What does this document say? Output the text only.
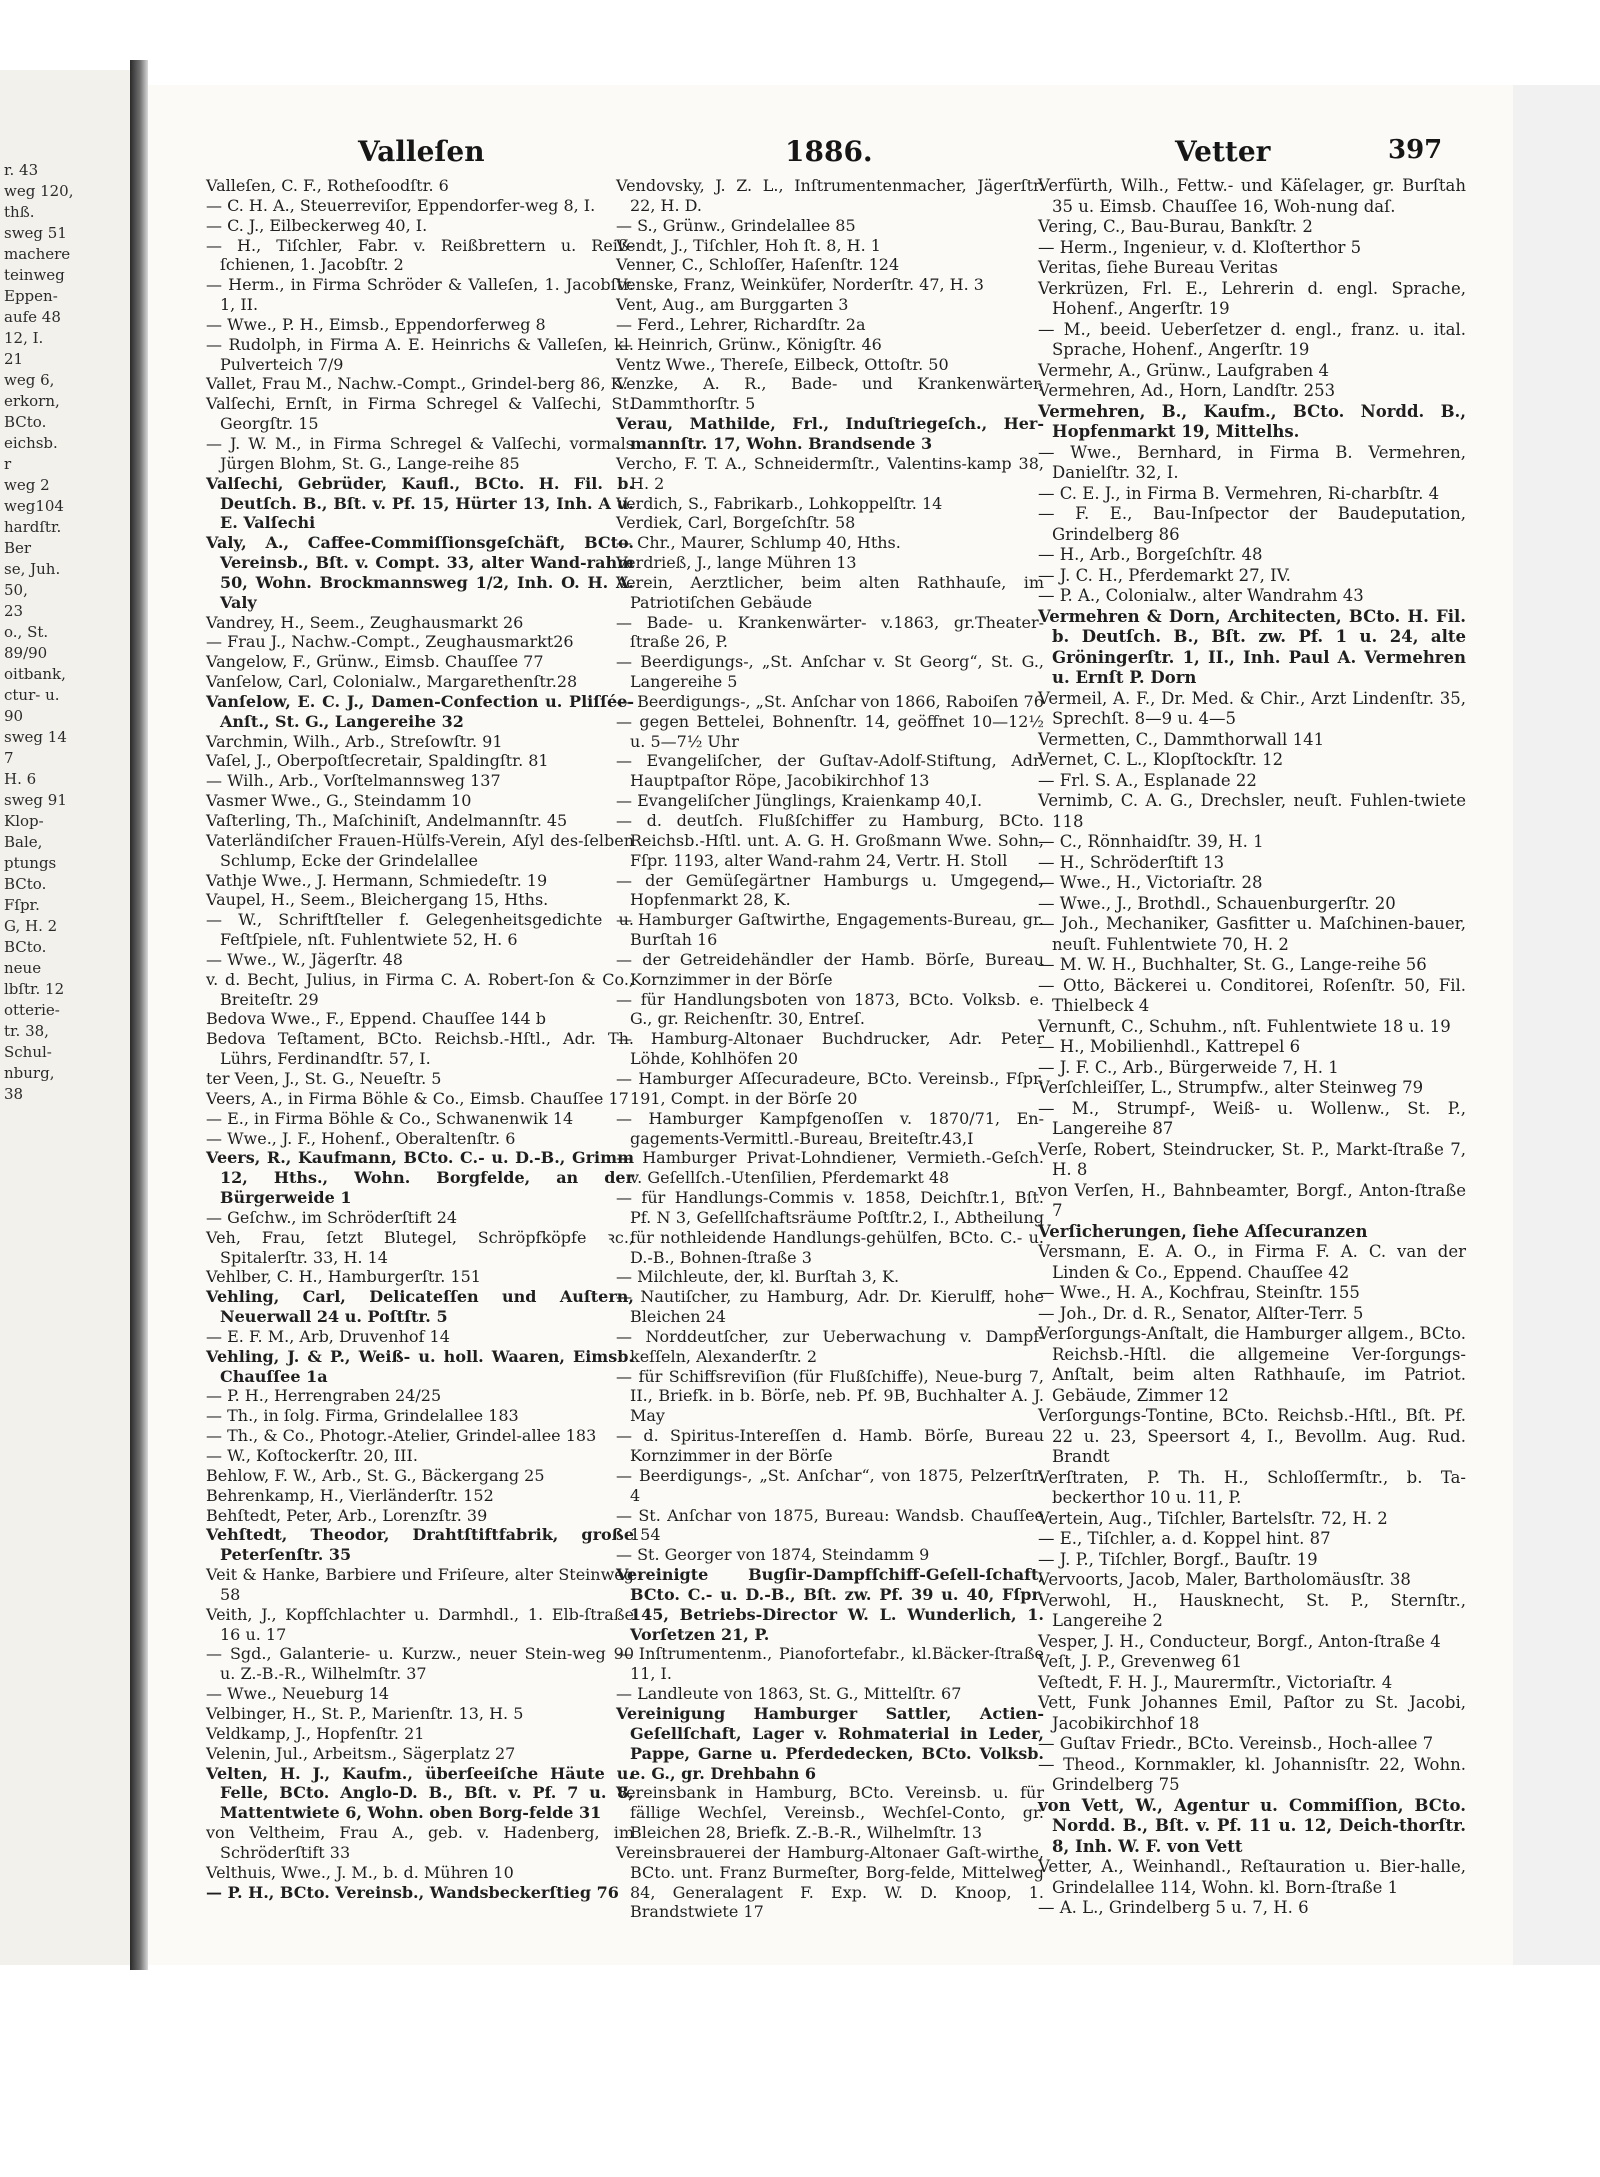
r. 43
weg 120,
thß.
sweg 51
machere
teinweg
Eppen-
aufe 48
12, I.
21
weg 6,
erkorn,
BCto.
eichsb.
r
weg 2
weg104
hardſtr.
Ber
se, Juh.
50,
23
o., St.
89/90
oitbank,
ctur- u.
90
sweg 14
7
H. 6
sweg 91
Klop-
Bale,
ptungs
BCto.
Fſpr.
G, H. 2
BCto.
neue
lbſtr. 12
otterie-
tr. 38,
Schul-
nburg,
38
Valleſen	1886.	Vetter	397
Valleſen, C. F., Rotheſoodſtr. 6
— C. H. A., Steuerreviſor, Eppendorfer-weg 8, I.
— C. J., Eilbeckerweg 40, I.
— H., Tiſchler, Fabr. v. Reißbrettern u. Reiß-ſchienen, 1. Jacobſtr. 2
— Herm., in Firma Schröder & Valleſen, 1. Jacobſtr. 1, II.
— Wwe., P. H., Eimsb., Eppendorferweg 8
— Rudolph, in Firma A. E. Heinrichs & Valleſen, kl. Pulverteich 7/9
Vallet, Frau M., Nachw.-Compt., Grindel-berg 86, K.
Valſechi, Ernſt, in Firma Schregel & Valſechi, St. Georgſtr. 15
— J. W. M., in Firma Schregel & Valſechi, vormals Jürgen Blohm, St. G., Lange-reihe 85
Valſechi, Gebrüder, Kaufl., BCto. H. Fil. b. Deutſch. B., Bſt. v. Pf. 15, Hürter 13, Inh. A u. E. Valſechi
Valy, A., Caffee-Commiſſionsgeſchäft, BCto. Vereinsb., Bſt. v. Compt. 33, alter Wand-rahm 50, Wohn. Brockmannsweg 1/2, Inh. O. H. A. Valy
Vandrey, H., Seem., Zeughausmarkt 26
— Frau J., Nachw.-Compt., Zeughausmarkt26
Vangelow, F., Grünw., Eimsb. Chauſſee 77
Vanſelow, Carl, Colonialw., Margarethenſtr.28
Vanſelow, E. C. J., Damen-Confection u. Pliſſée-Anſt., St. G., Langereihe 32
Varchmin, Wilh., Arb., Streſowſtr. 91
Vaſel, J., Oberpoſtſecretair, Spaldingſtr. 81
— Wilh., Arb., Vorſtelmannsweg 137
Vasmer Wwe., G., Steindamm 10
Vaſterling, Th., Maſchiniſt, Andelmannſtr. 45
Vaterländiſcher Frauen-Hülfs-Verein, Aſyl des-ſelben Schlump, Ecke der Grindelallee
Vathje Wwe., J. Hermann, Schmiedeſtr. 19
Vaupel, H., Seem., Bleichergang 15, Hths.
— W., Schriftſteller f. Gelegenheitsgedichte u. Feſtſpiele, nſt. Fuhlentwiete 52, H. 6
— Wwe., W., Jägerſtr. 48
v. d. Becht, Julius, in Firma C. A. Robert-ſon & Co., Breiteſtr. 29
Bedova Wwe., F., Eppend. Chauſſee 144 b
Bedova Teſtament, BCto. Reichsb.-Hſtl., Adr. Th. Lührs, Ferdinandſtr. 57, I.
ter Veen, J., St. G., Neueſtr. 5
Veers, A., in Firma Böhle & Co., Eimsb. Chauſſee 17
— E., in Firma Böhle & Co., Schwanenwik 14
— Wwe., J. F., Hohenf., Oberaltenſtr. 6
Veers, R., Kaufmann, BCto. C.- u. D.-B., Grimm 12, Hths., Wohn. Borgfelde, an der Bürgerweide 1
— Geſchw., im Schröderſtift 24
Veh, Frau, ſetzt Blutegel, Schröpfköpfe ꝛc., Spitalerſtr. 33, H. 14
Vehlber, C. H., Hamburgerſtr. 151
Vehling, Carl, Delicateſſen und Auſtern, Neuerwall 24 u. Poſtſtr. 5
— E. F. M., Arb, Druvenhof 14
Vehling, J. & P., Weiß- u. holl. Waaren, Eimsb. Chauſſee 1a
— P. H., Herrengraben 24/25
— Th., in ſolg. Firma, Grindelallee 183
— Th., & Co., Photogr.-Atelier, Grindel-allee 183
— W., Koſtockerſtr. 20, III.
Behlow, F. W., Arb., St. G., Bäckergang 25
Behrenkamp, H., Vierländerſtr. 152
Behſtedt, Peter, Arb., Lorenzſtr. 39
Vehſtedt, Theodor, Drahtſtiftfabrik, große Peterſenſtr. 35
Veit & Hanke, Barbiere und Friſeure, alter Steinweg 58
Veith, J., Kopfſchlachter u. Darmhdl., 1. Elb-ſtraße 16 u. 17
— Sgd., Galanterie- u. Kurzw., neuer Stein-weg 90 u. Z.-B.-R., Wilhelmſtr. 37
— Wwe., Neueburg 14
Velbinger, H., St. P., Marienſtr. 13, H. 5
Veldkamp, J., Hopfenſtr. 21
Velenin, Jul., Arbeitsm., Sägerplatz 27
Velten, H. J., Kaufm., überſeeiſche Häute u. Felle, BCto. Anglo-D. B., Bſt. v. Pf. 7 u. 8, Mattentwiete 6, Wohn. oben Borg-felde 31
von Veltheim, Frau A., geb. v. Hadenberg, im Schröderſtift 33
Velthuis, Wwe., J. M., b. d. Mühren 10
— P. H., BCto. Vereinsb., Wandsbeckerſtieg 76
Vendovsky, J. Z. L., Inſtrumentenmacher, Jägerſtr. 22, H. D.
— S., Grünw., Grindelallee 85
Vendt, J., Tiſchler, Hoh ſt. 8, H. 1
Venner, C., Schloſſer, Haſenſtr. 124
Venske, Franz, Weinküfer, Norderſtr. 47, H. 3
Vent, Aug., am Burggarten 3
— Ferd., Lehrer, Richardſtr. 2a
— Heinrich, Grünw., Königſtr. 46
Ventz Wwe., Thereſe, Eilbeck, Ottoſtr. 50
Venzke, A. R., Bade- und Krankenwärter, Dammthorſtr. 5
Verau, Mathilde, Frl., Induſtriegeſch., Her-mannſtr. 17, Wohn. Brandsende 3
Vercho, F. T. A., Schneidermſtr., Valentins-kamp 38, H. 2
Verdich, S., Fabrikarb., Lohkoppelſtr. 14
Verdiek, Carl, Borgeſchſtr. 58
— Chr., Maurer, Schlump 40, Hths.
Verdrieß, J., lange Mühren 13
Verein, Aerztlicher, beim alten Rathhauſe, im Patriotiſchen Gebäude
— Bade- u. Krankenwärter- v.1863, gr.Theater-ſtraße 26, P.
— Beerdigungs-, „St. Anſchar v. St Georg“, St. G., Langereihe 5
— Beerdigungs-, „St. Anſchar von 1866, Raboiſen 76
— gegen Bettelei, Bohnenſtr. 14, geöffnet 10—12½ u. 5—7½ Uhr
— Evangeliſcher, der Guſtav-Adolf-Stiftung, Adr. Hauptpaſtor Röpe, Jacobikirchhof 13
— Evangeliſcher Jünglings, Kraienkamp 40,I.
— d. deutſch. Flußſchiffer zu Hamburg, BCto. Reichsb.-Hſtl. unt. A. G. H. Großmann Wwe. Sohn, Fſpr. 1193, alter Wand-rahm 24, Vertr. H. Stoll
— der Gemüſegärtner Hamburgs u. Umgegend, Hopfenmarkt 28, K.
— Hamburger Gaſtwirthe, Engagements-Bureau, gr. Burſtah 16
— der Getreidehändler der Hamb. Börſe, Bureau Kornzimmer in der Börſe
— für Handlungsboten von 1873, BCto. Volksb. e. G., gr. Reichenſtr. 30, Entreſ.
— Hamburg-Altonaer Buchdrucker, Adr. Peter Löhde, Kohlhöfen 20
— Hamburger Aſſecuradeure, BCto. Vereinsb., Fſpr. 191, Compt. in der Börſe 20
— Hamburger Kampfgenoſſen v. 1870/71, En-gagements-Vermittl.-Bureau, Breiteſtr.43,I
— Hamburger Privat-Lohndiener, Vermieth.-Geſch. v. Geſellſch.-Utenſilien, Pferdemarkt 48
— für Handlungs-Commis v. 1858, Deichſtr.1, Bſt. Pf. N 3, Geſellſchaftsräume Poſtſtr.2, I., Abtheilung für nothleidende Handlungs-gehülfen, BCto. C.- u. D.-B., Bohnen-ſtraße 3
— Milchleute, der, kl. Burſtah 3, K.
— Nautiſcher, zu Hamburg, Adr. Dr. Kierulff, hohe Bleichen 24
— Norddeutſcher, zur Ueberwachung v. Dampf-keſſeln, Alexanderſtr. 2
— für Schiffsreviſion (für Flußſchiffe), Neue-burg 7, II., Briefk. in b. Börſe, neb. Pf. 9B, Buchhalter A. J. May
— d. Spiritus-Intereſſen d. Hamb. Börſe, Bureau Kornzimmer in der Börſe
— Beerdigungs-, „St. Anſchar“, von 1875, Pelzerſtr. 4
— St. Anſchar von 1875, Bureau: Wandsb. Chauſſee 154
— St. Georger von 1874, Steindamm 9
Vereinigte Bugſir-Dampfſchiff-Geſell-ſchaft, BCto. C.- u. D.-B., Bſt. zw. Pf. 39 u. 40, Fſpr. 145, Betriebs-Director W. L. Wunderlich, 1. Vorſetzen 21, P.
— Inſtrumentenm., Pianofortefabr., kl.Bäcker-ſtraße 11, I.
— Landleute von 1863, St. G., Mittelſtr. 67
Vereinigung Hamburger Sattler, Actien-Geſellſchaft, Lager v. Rohmaterial in Leder, Pappe, Garne u. Pferdedecken, BCto. Volksb. e. G., gr. Drehbahn 6
Vereinsbank in Hamburg, BCto. Vereinsb. u. für fällige Wechſel, Vereinsb., Wechſel-Conto, gr. Bleichen 28, Briefk. Z.-B.-R., Wilhelmſtr. 13
Vereinsbrauerei der Hamburg-Altonaer Gaſt-wirthe, BCto. unt. Franz Burmeſter, Borg-felde, Mittelweg 84, Generalagent F. Exp. W. D. Knoop, 1. Brandstwiete 17
Verfürth, Wilh., Fettw.- und Käſelager, gr. Burſtah 35 u. Eimsb. Chauſſee 16, Woh-nung daſ.
Vering, C., Bau-Burau, Bankſtr. 2
— Herm., Ingenieur, v. d. Kloſterthor 5
Veritas, ſiehe Bureau Veritas
Verkrüzen, Frl. E., Lehrerin d. engl. Sprache, Hohenf., Angerſtr. 19
— M., beeid. Ueberſetzer d. engl., franz. u. ital. Sprache, Hohenf., Angerſtr. 19
Vermehr, A., Grünw., Laufgraben 4
Vermehren, Ad., Horn, Landſtr. 253
Vermehren, B., Kaufm., BCto. Nordd. B., Hopfenmarkt 19, Mittelhs.
— Wwe., Bernhard, in Firma B. Vermehren, Danielſtr. 32, I.
— C. E. J., in Firma B. Vermehren, Ri-charbſtr. 4
— F. E., Bau-Inſpector der Baudeputation, Grindelberg 86
— H., Arb., Borgeſchſtr. 48
— J. C. H., Pferdemarkt 27, IV.
— P. A., Colonialw., alter Wandrahm 43
Vermehren & Dorn, Architecten, BCto. H. Fil. b. Deutſch. B., Bſt. zw. Pf. 1 u. 24, alte Gröningerſtr. 1, II., Inh. Paul A. Vermehren u. Ernſt P. Dorn
Vermeil, A. F., Dr. Med. & Chir., Arzt Lindenſtr. 35, Sprechſt. 8—9 u. 4—5
Vermetten, C., Dammthorwall 141
Vernet, C. L., Klopſtockſtr. 12
— Frl. S. A., Esplanade 22
Vernimb, C. A. G., Drechsler, neuſt. Fuhlen-twiete 118
— C., Rönnhaidſtr. 39, H. 1
— H., Schröderſtift 13
— Wwe., H., Victoriaſtr. 28
— Wwe., J., Brothdl., Schauenburgerſtr. 20
— Joh., Mechaniker, Gasfitter u. Maſchinen-bauer, neuſt. Fuhlentwiete 70, H. 2
— M. W. H., Buchhalter, St. G., Lange-reihe 56
— Otto, Bäckerei u. Conditorei, Roſenſtr. 50, Fil. Thielbeck 4
Vernunft, C., Schuhm., nſt. Fuhlentwiete 18 u. 19
— H., Mobilienhdl., Kattrepel 6
— J. F. C., Arb., Bürgerweide 7, H. 1
Verſchleiſſer, L., Strumpfw., alter Steinweg 79
— M., Strumpf-, Weiß- u. Wollenw., St. P., Langereihe 87
Verſe, Robert, Steindrucker, St. P., Markt-ſtraße 7, H. 8
von Verſen, H., Bahnbeamter, Borgf., Anton-ſtraße 7
Verſicherungen, ſiehe Aſſecuranzen
Versmann, E. A. O., in Firma F. A. C. van der Linden & Co., Eppend. Chauſſee 42
— Wwe., H. A., Kochfrau, Steinſtr. 155
— Joh., Dr. d. R., Senator, Alſter-Terr. 5
Verſorgungs-Anſtalt, die Hamburger allgem., BCto. Reichsb.-Hſtl. die allgemeine Ver-ſorgungs-Anſtalt, beim alten Rathhauſe, im Patriot. Gebäude, Zimmer 12
Verſorgungs-Tontine, BCto. Reichsb.-Hſtl., Bſt. Pf. 22 u. 23, Speersort 4, I., Bevollm. Aug. Rud. Brandt
Verſtraten, P. Th. H., Schloſſermſtr., b. Ta-beckerthor 10 u. 11, P.
Vertein, Aug., Tiſchler, Bartelsſtr. 72, H. 2
— E., Tiſchler, a. d. Koppel hint. 87
— J. P., Tiſchler, Borgf., Bauſtr. 19
Vervoorts, Jacob, Maler, Bartholomäusſtr. 38
Verwohl, H., Hausknecht, St. P., Sternſtr., Langereihe 2
Vesper, J. H., Conducteur, Borgf., Anton-ſtraße 4
Veſt, J. P., Grevenweg 61
Veſtedt, F. H. J., Maurermſtr., Victoriaſtr. 4
Vett, Funk Johannes Emil, Paſtor zu St. Jacobi, Jacobikirchhof 18
— Guſtav Friedr., BCto. Vereinsb., Hoch-allee 7
— Theod., Kornmakler, kl. Johannisſtr. 22, Wohn. Grindelberg 75
von Vett, W., Agentur u. Commiſſion, BCto. Nordd. B., Bſt. v. Pf. 11 u. 12, Deich-thorſtr. 8, Inh. W. F. von Vett
Vetter, A., Weinhandl., Reſtauration u. Bier-halle, Grindelallee 114, Wohn. kl. Born-ſtraße 1
— A. L., Grindelberg 5 u. 7, H. 6
